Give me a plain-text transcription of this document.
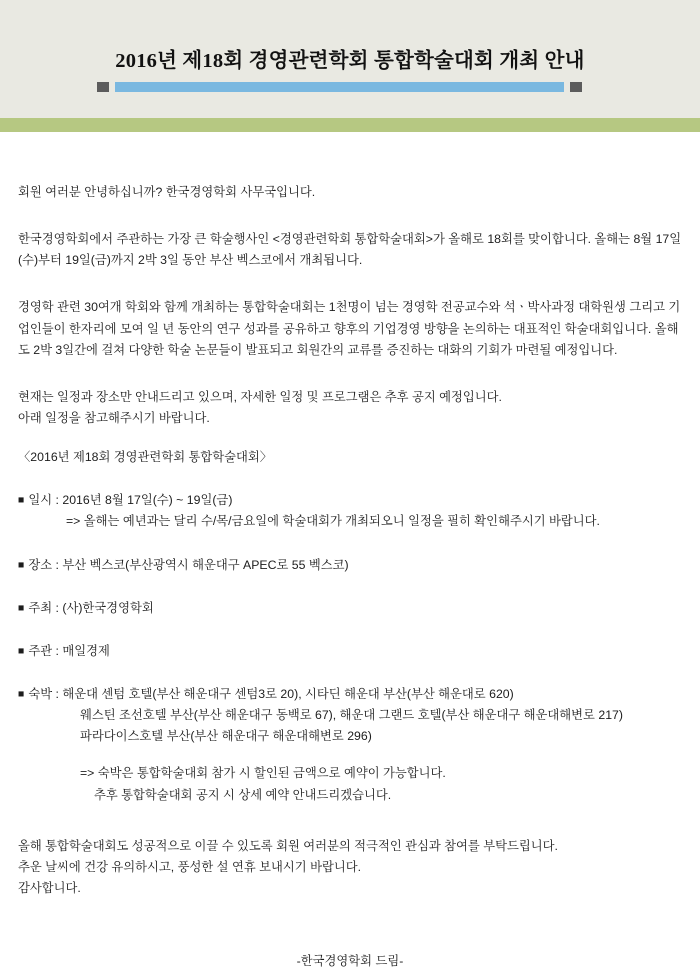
2016년 제18회 경영관련학회 통합학술대회 개최 안내

회원 여러분 안녕하십니까? 한국경영학회 사무국입니다.

한국경영학회에서 주관하는 가장 큰 학술행사인 <경영관련학회 통합학술대회>가 올해로 18회를 맞이합니다. 올해는 8월 17일(수)부터 19일(금)까지 2박 3일 동안 부산 벡스코에서 개최됩니다.

경영학 관련 30여개 학회와 함께 개최하는 통합학술대회는 1천명이 넘는 경영학 전공교수와 석ㆍ박사과정 대학원생 그리고 기업인들이 한자리에 모여 일 년 동안의 연구 성과를 공유하고 향후의 기업경영 방향을 논의하는 대표적인 학술대회입니다. 올해도 2박 3일간에 걸쳐 다양한 학술 논문들이 발표되고 회원간의 교류를 증진하는 대화의 기회가 마련될 예정입니다.

현재는 일정과 장소만 안내드리고 있으며, 자세한 일정 및 프로그램은 추후 공지 예정입니다.

아래 일정을 참고해주시기 바랍니다.

〈2016년 제18회 경영관련학회 통합학술대회〉

■ 일시 : 2016년 8월 17일(수) ~ 19일(금)

=> 올해는 예년과는 달리 수/목/금요일에 학술대회가 개최되오니 일정을 필히 확인해주시기 바랍니다.

■ 장소 : 부산 벡스코(부산광역시 해운대구 APEC로 55 벡스코)

■ 주최 : (사)한국경영학회

■ 주관 : 매일경제

■ 숙박 : 해운대 센텀 호텔(부산 해운대구 센텀3로 20), 시타딘 해운대 부산(부산 해운대로 620)

웨스틴 조선호텔 부산(부산 해운대구 동백로 67), 해운대 그랜드 호텔(부산 해운대구 해운대해변로 217)

파라다이스호텔 부산(부산 해운대구 해운대해변로 296)

=> 숙박은 통합학술대회 참가 시 할인된 금액으로 예약이 가능합니다.

추후 통합학술대회 공지 시 상세 예약 안내드리겠습니다.

올해 통합학술대회도 성공적으로 이끌 수 있도록 회원 여러분의 적극적인 관심과 참여를 부탁드립니다.

추운 날씨에 건강 유의하시고, 풍성한 설 연휴 보내시기 바랍니다.

감사합니다.

-한국경영학회 드림-
